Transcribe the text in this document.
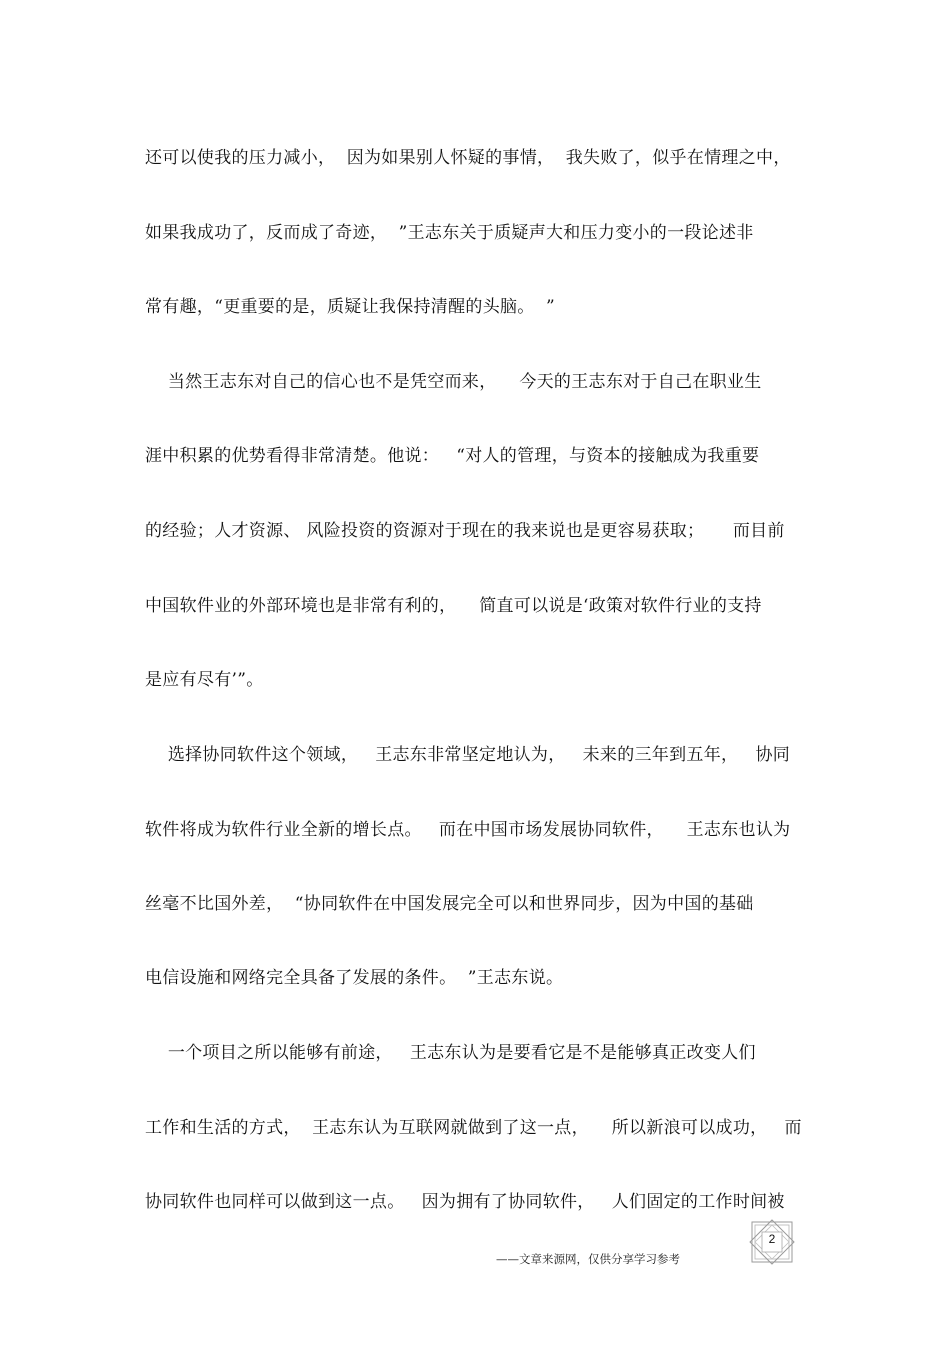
还可以使我的压力减小，  因为如果别人怀疑的事情，  我失败了，似乎在情理之中，
如果我成功了，反而成了奇迹，  ”王志东关于质疑声大和压力变小的一段论述非
常有趣，“更重要的是，质疑让我保持清醒的头脑。  ”
当然王志东对自己的信心也不是凭空而来，    今天的王志东对于自己在职业生
涯中积累的优势看得非常清楚。他说：   “对人的管理，与资本的接触成为我重要
的经验；人才资源、 风险投资的资源对于现在的我来说也是更容易获取；     而目前
中国软件业的外部环境也是非常有利的，    简直可以说是‘政策对软件行业的支持
是应有尽有’”。
选择协同软件这个领域，   王志东非常坚定地认为，   未来的三年到五年，   协同
软件将成为软件行业全新的增长点。   而在中国市场发展协同软件，    王志东也认为
丝毫不比国外差，  “协同软件在中国发展完全可以和世界同步，因为中国的基础
电信设施和网络完全具备了发展的条件。  ”王志东说。
一个项目之所以能够有前途，   王志东认为是要看它是不是能够真正改变人们
工作和生活的方式，  王志东认为互联网就做到了这一点，    所以新浪可以成功，   而
协同软件也同样可以做到这一点。   因为拥有了协同软件，   人们固定的工作时间被
——文章来源网，仅供分享学习参考
2
